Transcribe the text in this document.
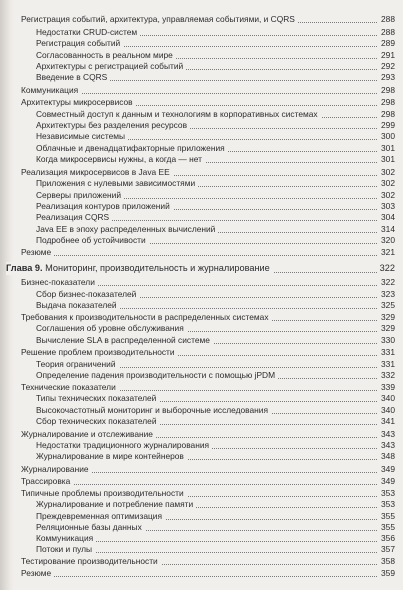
Регистрация событий, архитектура, управляемая событиями, и CQRS	288
Недостатки CRUD-систем	288
Регистрация событий	289
Согласованность в реальном мире	291
Архитектуры с регистрацией событий	292
Введение в CQRS	293
Коммуникация	298
Архитектуры микросервисов	298
Совместный доступ к данным и технологиям в корпоративных системах	298
Архитектуры без разделения ресурсов	299
Независимые системы	300
Облачные и двенадцатифакторные приложения	301
Когда микросервисы нужны, а когда — нет	301
Реализация микросервисов в Java EE	302
Приложения с нулевыми зависимостями	302
Серверы приложений	302
Реализация контуров приложений	303
Реализация CQRS	304
Java EE в эпоху распределенных вычислений	314
Подробнее об устойчивости	320
Резюме	321
Глава 9. Мониторинг, производительность и журналирование	322
Бизнес-показатели	322
Сбор бизнес-показателей	323
Выдача показателей	325
Требования к производительности в распределенных системах	329
Соглашения об уровне обслуживания	329
Вычисление SLA в распределенной системе	330
Решение проблем производительности	331
Теория ограничений	331
Определение падения производительности с помощью jPDM	332
Технические показатели	339
Типы технических показателей	340
Высокочастотный мониторинг и выборочные исследования	340
Сбор технических показателей	341
Журналирование и отслеживание	343
Недостатки традиционного журналирования	343
Журналирование в мире контейнеров	348
Журналирование	349
Трассировка	349
Типичные проблемы производительности	353
Журналирование и потребление памяти	353
Преждевременная оптимизация	355
Реляционные базы данных	355
Коммуникация	356
Потоки и пулы	357
Тестирование производительности	358
Резюме	359
